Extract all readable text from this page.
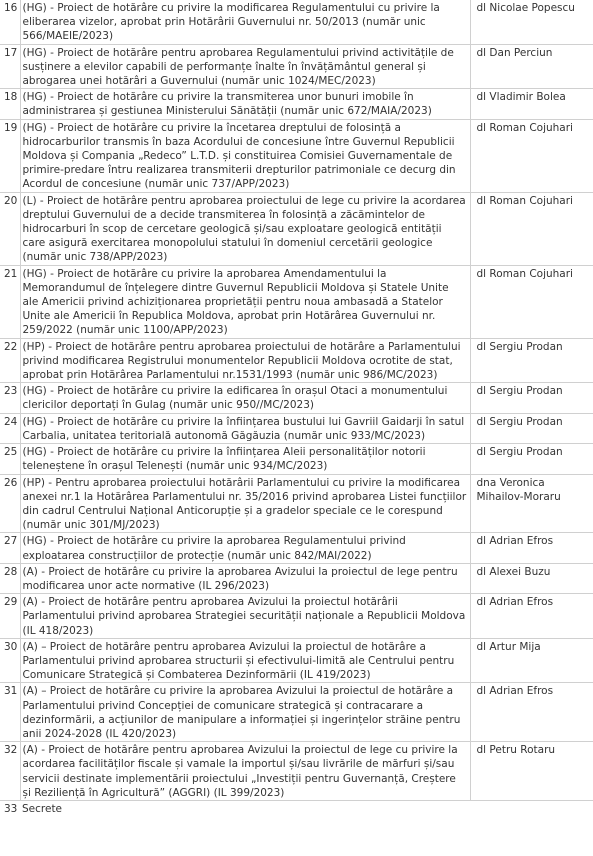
16	(HG) - Proiect de hotărâre cu privire la modificarea Regulamentului cu privire la eliberarea vizelor, aprobat prin Hotărârii Guvernului nr. 50/2013 (număr unic 566/MAEIE/2023)	dl Nicolae Popescu
17	(HG) - Proiect de hotărâre pentru aprobarea Regulamentului privind activitățile de susținere a elevilor capabili de performanțe înalte în învățământul general și abrogarea unei hotărâri a Guvernului (număr unic 1024/MEC/2023)	dl Dan Perciun
18	(HG) - Proiect de hotărâre cu privire la transmiterea unor bunuri imobile în administrarea și gestiunea Ministerului Sănătății (număr unic 672/MAIA/2023)	dl Vladimir Bolea
19	(HG) - Proiect de hotărâre cu privire la încetarea dreptului de folosință a hidrocarburilor transmis în baza Acordului de concesiune între Guvernul Republicii Moldova și Compania „Redeco” L.T.D. și constituirea Comisiei Guvernamentale de primire-predare întru realizarea transmiterii drepturilor patrimoniale ce decurg din Acordul de concesiune (număr unic 737/APP/2023)	dl Roman Cojuhari
20	(L) - Proiect de hotărâre pentru aprobarea proiectului de lege cu privire la acordarea dreptului Guvernului de a decide transmiterea în folosință a zăcămintelor de hidrocarburi în scop de cercetare geologică și/sau exploatare geologică entității care asigură exercitarea monopolului statului în domeniul cercetării geologice (număr unic 738/APP/2023)	dl Roman Cojuhari
21	(HG) - Proiect de hotărâre cu privire la aprobarea Amendamentului la Memorandumul de înțelegere dintre Guvernul Republicii Moldova și Statele Unite ale Americii privind achiziționarea proprietății pentru noua ambasadă a Statelor Unite ale Americii în Republica Moldova, aprobat prin Hotărârea Guvernului nr. 259/2022 (număr unic 1100/APP/2023)	dl Roman Cojuhari
22	(HP) - Proiect de hotărâre pentru aprobarea proiectului de hotărâre a Parlamentului privind modificarea Registrului monumentelor Republicii Moldova ocrotite de stat, aprobat prin Hotărârea Parlamentului nr.1531/1993 (număr unic 986/MC/2023)	dl Sergiu Prodan
23	(HG) - Proiect de hotărâre cu privire la edificarea în orașul Otaci a monumentului clericilor deportați în Gulag (număr unic 950//MC/2023)	dl Sergiu Prodan
24	(HG) - Proiect de hotărâre cu privire la înființarea bustului lui Gavriil Gaidarji în satul Carbalia, unitatea teritorială autonomă Găgăuzia (număr unic 933/MC/2023)	dl Sergiu Prodan
25	(HG) - Proiect de hotărâre cu privire la înființarea Aleii personalităților notorii teleneștene în orașul Telenești (număr unic 934/MC/2023)	dl Sergiu Prodan
26	(HP) - Pentru aprobarea proiectului hotărârii Parlamentului cu privire la modificarea anexei nr.1 la Hotărârea Parlamentului nr. 35/2016 privind aprobarea Listei funcțiilor din cadrul Centrului Național Anticorupție și a gradelor speciale ce le corespund (număr unic 301/MJ/2023)	dna Veronica Mihailov-Moraru
27	(HG) - Proiect de hotărâre cu privire la aprobarea Regulamentului privind exploatarea construcțiilor de protecție (număr unic 842/MAI/2022)	dl Adrian Efros
28	(A) - Proiect de hotărâre cu privire la aprobarea Avizului la proiectul de lege pentru modificarea unor acte normative (IL 296/2023)	dl Alexei Buzu
29	(A) - Proiect de hotărâre pentru aprobarea Avizului la proiectul hotărârii Parlamentului privind aprobarea Strategiei securității naționale a Republicii Moldova (IL 418/2023)	dl Adrian Efros
30	(A) – Proiect de hotărâre pentru aprobarea Avizului la proiectul de hotărâre a Parlamentului privind aprobarea structurii și efectivului-limită ale Centrului pentru Comunicare Strategică și Combaterea Dezinformării (IL 419/2023)	dl Artur Mija
31	(A) – Proiect de hotărâre cu privire la aprobarea Avizului la proiectul de hotărâre a Parlamentului privind Concepției de comunicare strategică și contracarare a dezinformării, a acțiunilor de manipulare a informației și ingerințelor străine pentru anii 2024-2028 (IL 420/2023)	dl Adrian Efros
32	(A) - Proiect de hotărâre pentru aprobarea Avizului la proiectul de lege cu privire la acordarea facilităților fiscale și vamale la importul și/sau livrările de mărfuri și/sau servicii destinate implementării proiectului „Investiții pentru Guvernanță, Creștere și Reziliență în Agricultură” (AGGRI) (IL 399/2023)	dl Petru Rotaru
33	Secrete	
